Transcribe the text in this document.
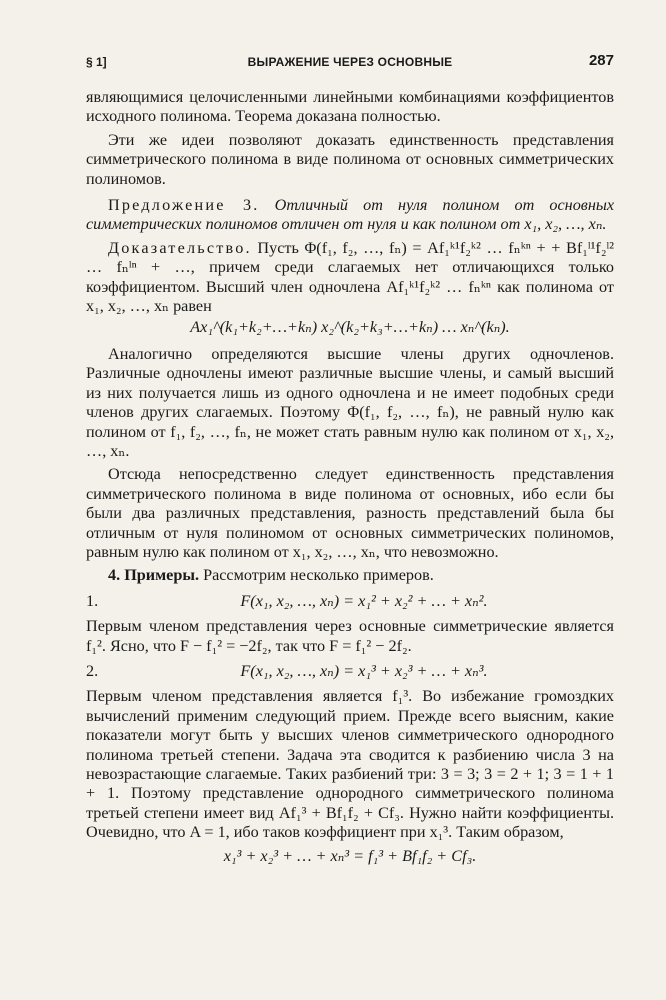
§ 1]	ВЫРАЖЕНИЕ ЧЕРЕЗ ОСНОВНЫЕ	287

являющимися целочисленными линейными комбинациями коэффициентов исходного полинома. Теорема доказана полностью.

Эти же идеи позволяют доказать единственность представления симметрического полинома в виде полинома от основных симметрических полиномов.

Предложение 3. Отличный от нуля полином от основных симметрических полиномов отличен от нуля и как полином от x₁, x₂, …, xₙ.

Доказательство. Пусть Φ(f₁, f₂, …, fₙ) = Af₁ᵏ¹f₂ᵏ² … fₙᵏⁿ + + Bf₁ˡ¹f₂ˡ² … fₙˡⁿ + …, причем среди слагаемых нет отличающихся только коэффициентом. Высший член одночлена Af₁ᵏ¹f₂ᵏ² … fₙᵏⁿ как полинома от x₁, x₂, …, xₙ равен

Ax₁^(k₁+k₂+…+kₙ) x₂^(k₂+k₃+…+kₙ) … xₙ^(kₙ).

Аналогично определяются высшие члены других одночленов. Различные одночлены имеют различные высшие члены, и самый высший из них получается лишь из одного одночлена и не имеет подобных среди членов других слагаемых. Поэтому Φ(f₁, f₂, …, fₙ), не равный нулю как полином от f₁, f₂, …, fₙ, не может стать равным нулю как полином от x₁, x₂, …, xₙ.

Отсюда непосредственно следует единственность представления симметрического полинома в виде полинома от основных, ибо если бы были два различных представления, разность представлений была бы отличным от нуля полиномом от основных симметрических полиномов, равным нулю как полином от x₁, x₂, …, xₙ, что невозможно.

4. Примеры. Рассмотрим несколько примеров.

1.	F(x₁, x₂, …, xₙ) = x₁² + x₂² + … + xₙ².

Первым членом представления через основные симметрические является f₁². Ясно, что F − f₁² = −2f₂, так что F = f₁² − 2f₂.

2.	F(x₁, x₂, …, xₙ) = x₁³ + x₂³ + … + xₙ³.

Первым членом представления является f₁³. Во избежание громоздких вычислений применим следующий прием. Прежде всего выясним, какие показатели могут быть у высших членов симметрического однородного полинома третьей степени. Задача эта сводится к разбиению числа 3 на невозрастающие слагаемые. Таких разбиений три: 3 = 3; 3 = 2 + 1; 3 = 1 + 1 + 1. Поэтому представление однородного симметрического полинома третьей степени имеет вид Af₁³ + Bf₁f₂ + Cf₃. Нужно найти коэффициенты. Очевидно, что A = 1, ибо таков коэффициент при x₁³. Таким образом,

x₁³ + x₂³ + … + xₙ³ = f₁³ + Bf₁f₂ + Cf₃.
